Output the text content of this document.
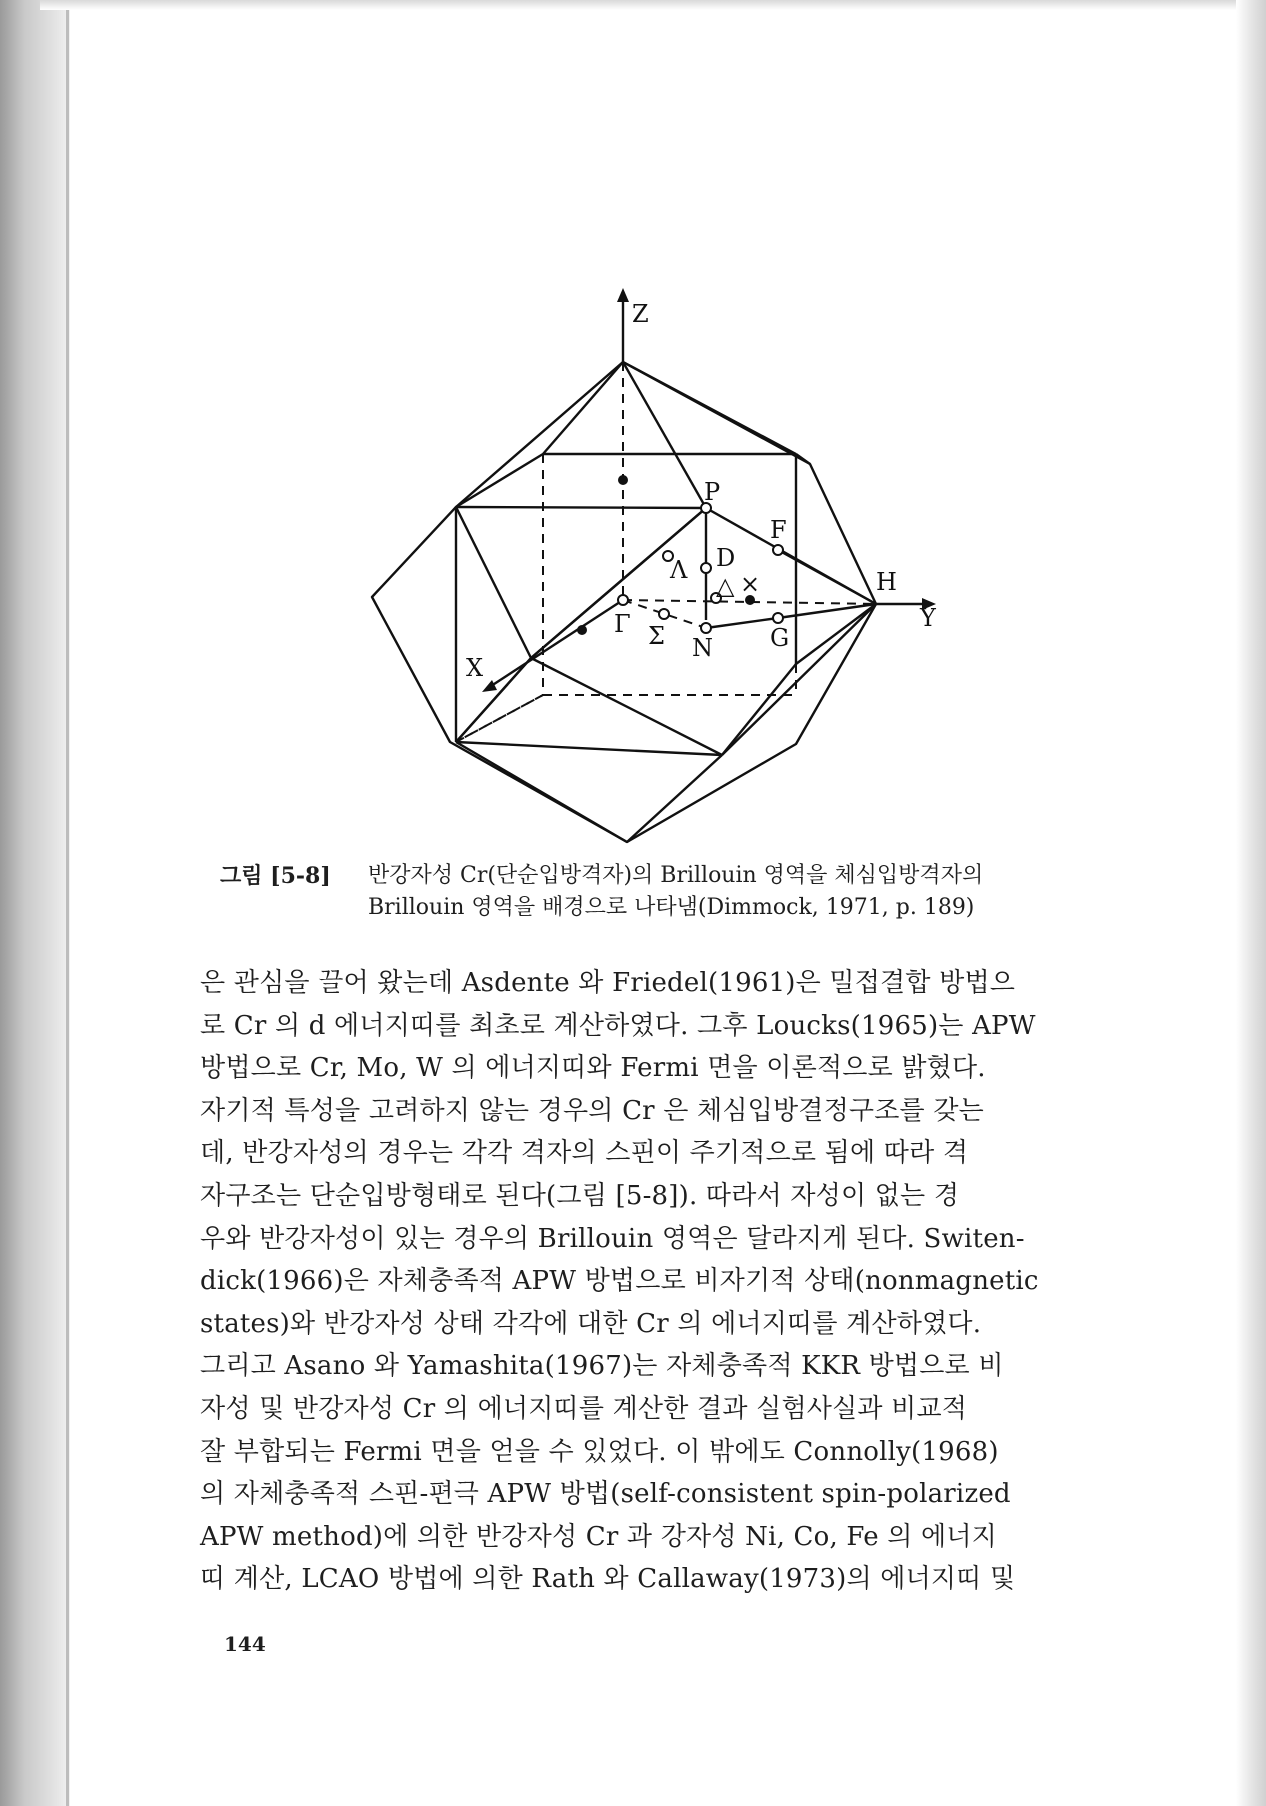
Z
Y
X
P
F
H
D
Λ
△ ×
Γ Σ N G
그림 [5-8]	반강자성 Cr(단순입방격자)의 Brillouin 영역을 체심입방격자의
Brillouin 영역을 배경으로 나타냄(Dimmock, 1971, p. 189)
은 관심을 끌어 왔는데 Asdente 와 Friedel(1961)은 밀접결합 방법으
로 Cr 의 d 에너지띠를 최초로 계산하였다. 그후 Loucks(1965)는 APW
방법으로 Cr, Mo, W 의 에너지띠와 Fermi 면을 이론적으로 밝혔다.
자기적 특성을 고려하지 않는 경우의 Cr 은 체심입방결정구조를 갖는
데, 반강자성의 경우는 각각 격자의 스핀이 주기적으로 됨에 따라 격
자구조는 단순입방형태로 된다(그림 [5-8]). 따라서 자성이 없는 경
우와 반강자성이 있는 경우의 Brillouin 영역은 달라지게 된다. Switen-
dick(1966)은 자체충족적 APW 방법으로 비자기적 상태(nonmagnetic
states)와 반강자성 상태 각각에 대한 Cr 의 에너지띠를 계산하였다.
그리고 Asano 와 Yamashita(1967)는 자체충족적 KKR 방법으로 비
자성 및 반강자성 Cr 의 에너지띠를 계산한 결과 실험사실과 비교적
잘 부합되는 Fermi 면을 얻을 수 있었다. 이 밖에도 Connolly(1968)
의 자체충족적 스핀-편극 APW 방법(self-consistent spin-polarized
APW method)에 의한 반강자성 Cr 과 강자성 Ni, Co, Fe 의 에너지
띠 계산, LCAO 방법에 의한 Rath 와 Callaway(1973)의 에너지띠 및
144
